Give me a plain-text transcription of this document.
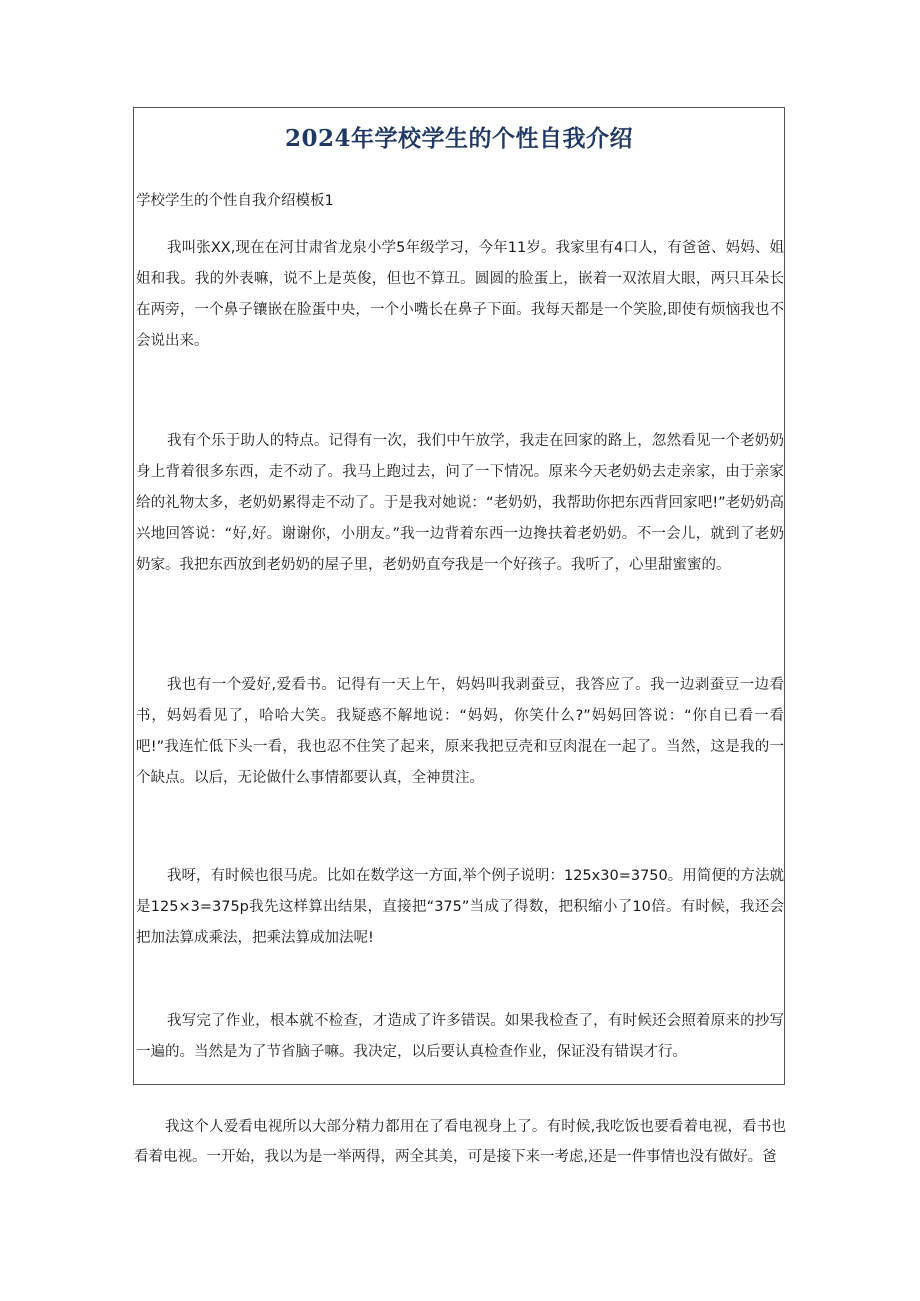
2024年学校学生的个性自我介绍

学校学生的个性自我介绍模板1

我叫张XX,现在在河甘肃省龙泉小学5年级学习，今年11岁。我家里有4口人，有爸爸、妈妈、姐姐和我。我的外表嘛，说不上是英俊，但也不算丑。圆圆的脸蛋上，嵌着一双浓眉大眼，两只耳朵长在两旁，一个鼻子镶嵌在脸蛋中央，一个小嘴长在鼻子下面。我每天都是一个笑脸,即使有烦恼我也不会说出来。

我有个乐于助人的特点。记得有一次，我们中午放学，我走在回家的路上，忽然看见一个老奶奶身上背着很多东西，走不动了。我马上跑过去，问了一下情况。原来今天老奶奶去走亲家，由于亲家给的礼物太多，老奶奶累得走不动了。于是我对她说：“老奶奶，我帮助你把东西背回家吧!”老奶奶高兴地回答说：“好,好。谢谢你，小朋友。”我一边背着东西一边搀扶着老奶奶。不一会儿，就到了老奶奶家。我把东西放到老奶奶的屋子里，老奶奶直夸我是一个好孩子。我听了，心里甜蜜蜜的。

我也有一个爱好,爱看书。记得有一天上午，妈妈叫我剥蚕豆，我答应了。我一边剥蚕豆一边看书，妈妈看见了，哈哈大笑。我疑惑不解地说：“妈妈，你笑什么?”妈妈回答说：“你自已看一看吧!”我连忙低下头一看，我也忍不住笑了起来，原来我把豆壳和豆肉混在一起了。当然，这是我的一个缺点。以后，无论做什么事情都要认真，全神贯注。

我呀，有时候也很马虎。比如在数学这一方面,举个例子说明：125x30=3750。用简便的方法就是125×3=375р我先这样算出结果，直接把“375”当成了得数，把积缩小了10倍。有时候，我还会把加法算成乘法，把乘法算成加法呢!

我写完了作业，根本就不检查，才造成了许多错误。如果我检查了，有时候还会照着原来的抄写一遍的。当然是为了节省脑子嘛。我决定，以后要认真检查作业，保证没有错误才行。

我这个人爱看电视所以大部分精力都用在了看电视身上了。有时候,我吃饭也要看着电视，看书也看着电视。一开始，我以为是一举两得，两全其美，可是接下来一考虑,还是一件事情也没有做好。爸
